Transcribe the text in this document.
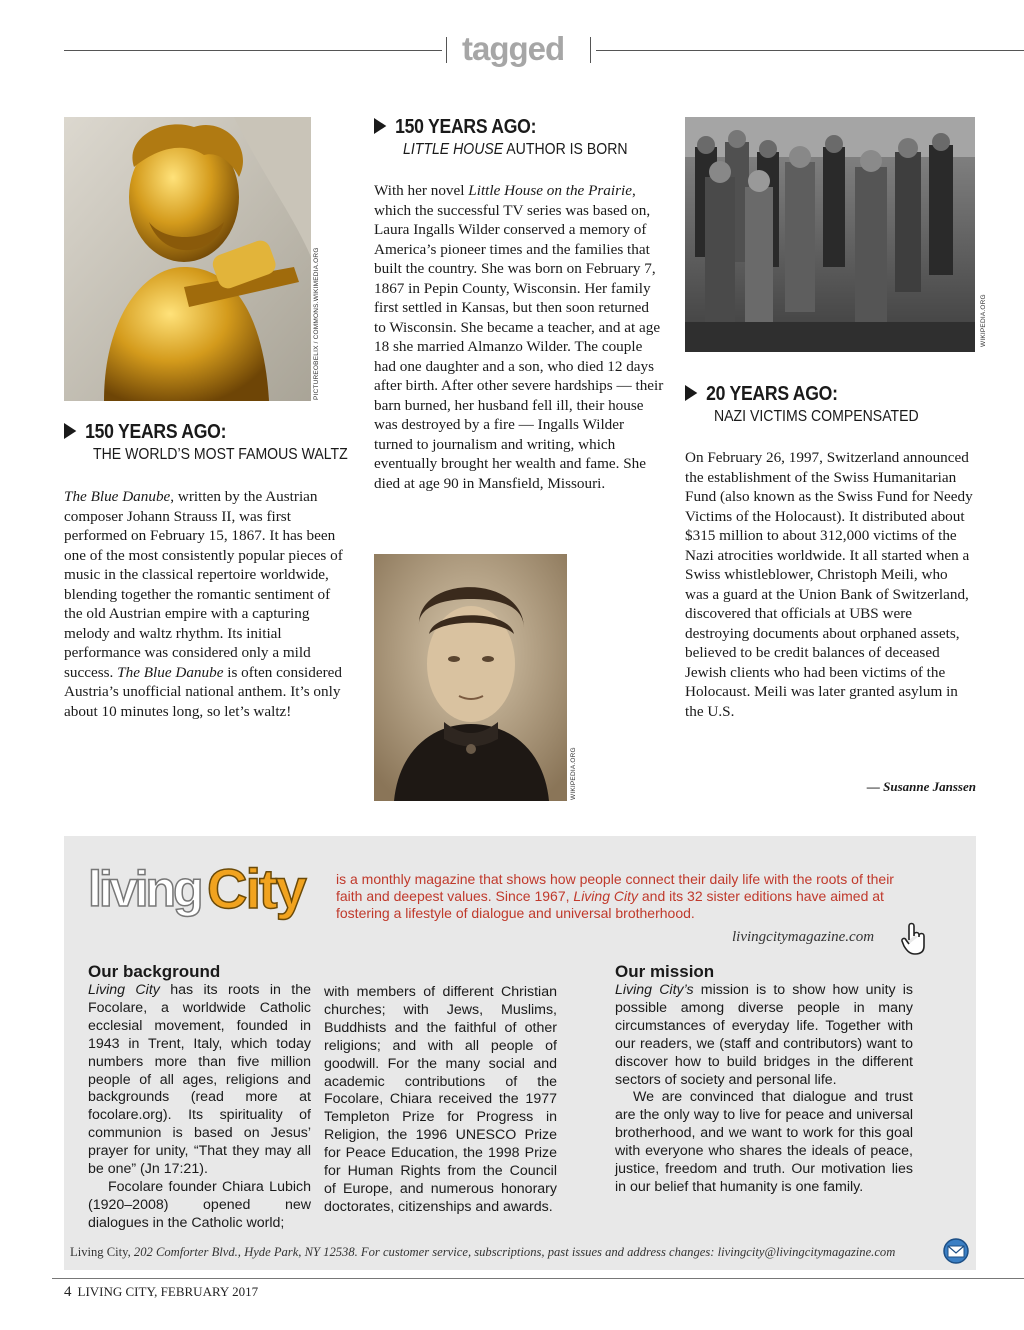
tagged
PICTUREOBELIX / COMMONS.WIKIMEDIA.ORG
150 YEARS AGO:
THE WORLD’S MOST FAMOUS WALTZ

The Blue Danube, written by the Austrian composer Johann Strauss II, was first performed on February 15, 1867. It has been one of the most consistently popular pieces of music in the classical repertoire worldwide, blending together the romantic sentiment of the old Austrian empire with a capturing melody and waltz rhythm. Its initial performance was considered only a mild success. The Blue Danube is often considered Austria’s unofficial national anthem. It’s only about 10 minutes long, so let’s waltz!

150 YEARS AGO:
LITTLE HOUSE AUTHOR IS BORN

With her novel Little House on the Prairie, which the successful TV series was based on, Laura Ingalls Wilder conserved a memory of America’s pioneer times and the families that built the country. She was born on February 7, 1867 in Pepin County, Wisconsin. Her family first settled in Kansas, but then soon returned to Wisconsin. She became a teacher, and at age 18 she married Almanzo Wilder. The couple had one daughter and a son, who died 12 days after birth. After other severe hardships — their barn burned, her husband fell ill, their house was destroyed by a fire — Ingalls Wilder turned to journalism and writing, which eventually brought her wealth and fame. She died at age 90 in Mansfield, Missouri.

WIKIPEDIA.ORG
WIKIPEDIA.ORG
20 YEARS AGO:
NAZI VICTIMS COMPENSATED

On February 26, 1997, Switzerland announced the establishment of the Swiss Humanitarian Fund (also known as the Swiss Fund for Needy Victims of the Holocaust). It distributed about $315 million to about 312,000 victims of the Nazi atrocities worldwide. It all started when a Swiss whistleblower, Christoph Meili, who was a guard at the Union Bank of Switzerland, discovered that officials at UBS were destroying documents about orphaned assets, believed to be credit balances of deceased Jewish clients who had been victims of the Holocaust. Meili was later granted asylum in the U.S.

— Susanne Janssen
living City is a monthly magazine that shows how people connect their daily life with the roots of their faith and deepest values. Since 1967, Living City and its 32 sister editions have aimed at fostering a lifestyle of dialogue and universal brotherhood.
livingcitymagazine.com
Our background

Living City has its roots in the Focolare, a worldwide Catholic ecclesial movement, founded in 1943 in Trent, Italy, which today numbers more than five million people of all ages, religions and backgrounds (read more at focolare.org). Its spirituality of communion is based on Jesus’ prayer for unity, “That they may all be one” (Jn 17:21).

Focolare founder Chiara Lubich (1920–2008) opened new dialogues in the Catholic world;

with members of different Christian churches; with Jews, Muslims, Buddhists and the faithful of other religions; and with all people of goodwill. For the many social and academic contributions of the Focolare, Chiara received the 1977 Templeton Prize for Progress in Religion, the 1996 UNESCO Prize for Peace Education, the 1998 Prize for Human Rights from the Council of Europe, and numerous honorary doctorates, citizenships and awards.

Our mission

Living City’s mission is to show how unity is possible among diverse people in many circumstances of everyday life. Together with our readers, we (staff and contributors) want to discover how to build bridges in the different sectors of society and personal life.

We are convinced that dialogue and trust are the only way to live for peace and universal brotherhood, and we want to work for this goal with everyone who shares the ideals of peace, justice, freedom and truth. Our motivation lies in our belief that humanity is one family.

Living City, 202 Comforter Blvd., Hyde Park, NY 12538. For customer service, subscriptions, past issues and address changes: livingcity@livingcitymagazine.com
4 LIVING CITY, FEBRUARY 2017
